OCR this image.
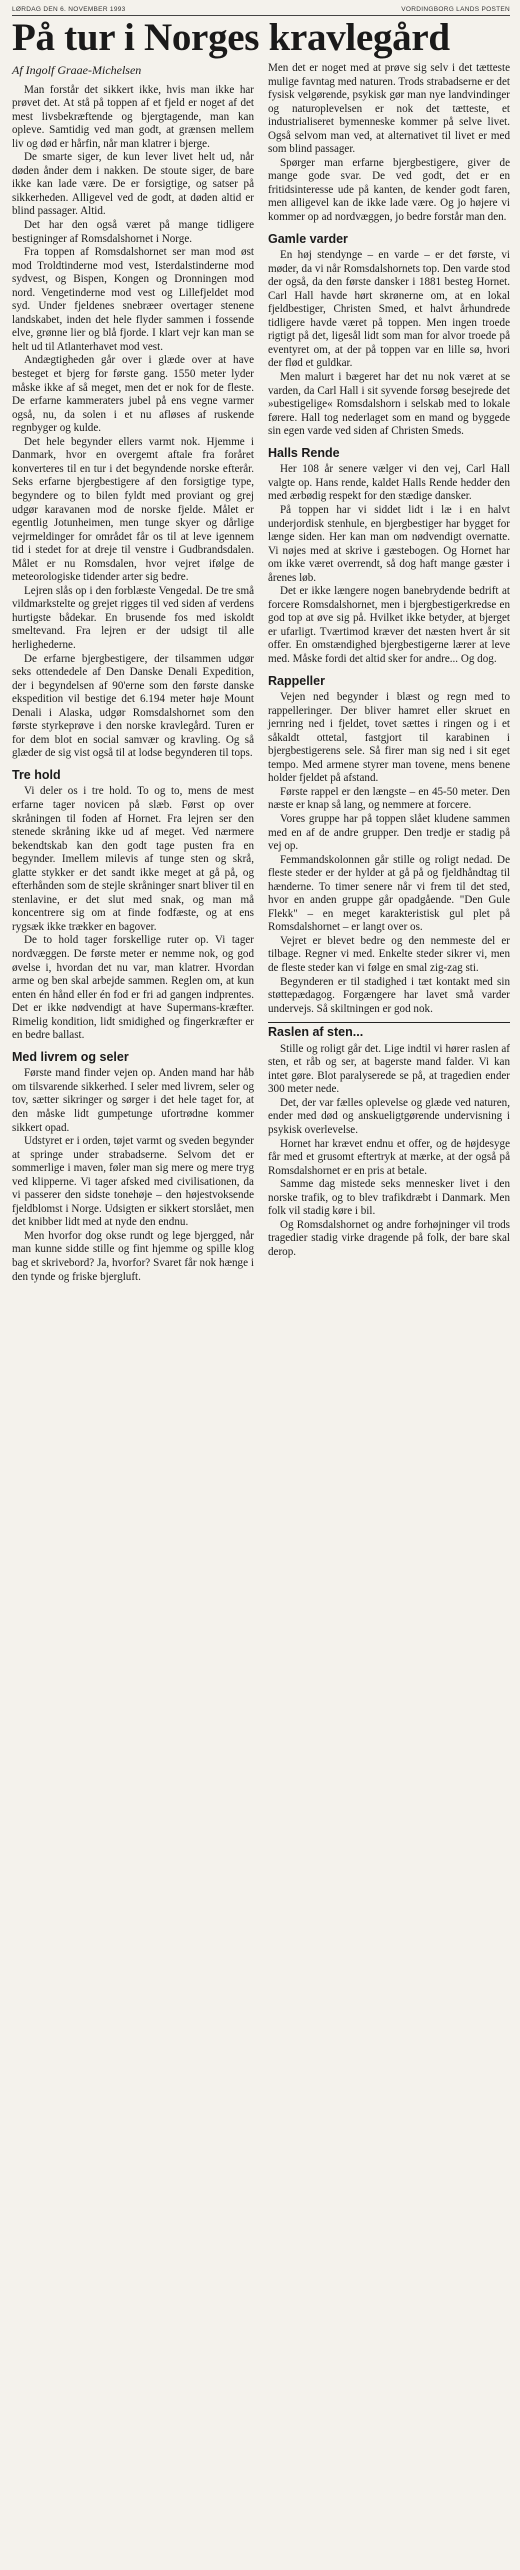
LØRDAG DEN 6. NOVEMBER 1993	VORDINGBORG LANDS POSTEN
På tur i Norges kravlegård
Af Ingolf Graae-Michelsen

Man forstår det sikkert ikke, hvis man ikke har prøvet det. At stå på toppen af et fjeld er noget af det mest livsbekræftende og bjergtagende, man kan opleve. Samtidig ved man godt, at grænsen mellem liv og død er hårfin, når man klatrer i bjerge.

De smarte siger, de kun lever livet helt ud, når døden ånder dem i nakken. De stoute siger, de bare ikke kan lade være. De er forsigtige, og satser på sikkerheden. Alligevel ved de godt, at døden altid er blind passager. Altid.

Det har den også været på mange tidligere bestigninger af Romsdalshornet i Norge.

Fra toppen af Romsdalshornet ser man mod øst mod Troldtinderne mod vest, Isterdalstinderne mod sydvest, og Bispen, Kongen og Dronningen mod nord. Vengetinderne mod vest og Lillefjeldet mod syd. Under fjeldenes snebræer overtager stenene landskabet, inden det hele flyder sammen i fossende elve, grønne lier og blå fjorde. I klart vejr kan man se helt ud til Atlanterhavet mod vest.

Andægtigheden går over i glæde over at have besteget et bjerg for første gang. 1550 meter lyder måske ikke af så meget, men det er nok for de fleste. De erfarne kammeraters jubel på ens vegne varmer også, nu, da solen i et nu afløses af ruskende regnbyger og kulde.

Det hele begynder ellers varmt nok. Hjemme i Danmark, hvor en overgemt aftale fra foråret konverteres til en tur i det begyndende norske efterår. Seks erfarne bjergbestigere af den forsigtige type, begyndere og to bilen fyldt med proviant og grej udgør karavanen mod de norske fjelde. Målet er egentlig Jotunheimen, men tunge skyer og dårlige vejrmeldinger for området får os til at leve igennem tid i stedet for at dreje til venstre i Gudbrandsdalen. Målet er nu Romsdalen, hvor vejret ifølge de meteorologiske tidender arter sig bedre.

Lejren slås op i den forblæste Vengedal. De tre små vildmarkstelte og grejet rigges til ved siden af verdens hurtigste bådekar. En brusende fos med iskoldt smeltevand. Fra lejren er der udsigt til alle herlighederne.

De erfarne bjergbestigere, der tilsammen udgør seks ottendedele af Den Danske Denali Expedition, der i begyndelsen af 90'erne som den første danske ekspedition vil bestige det 6.194 meter høje Mount Denali i Alaska, udgør Romsdalshornet som den første styrkeprøve i den norske kravlegård. Turen er for dem blot en social samvær og kravling. Og så glæder de sig vist også til at lodse begynderen til tops.

Tre hold

Vi deler os i tre hold. To og to, mens de mest erfarne tager novicen på slæb. Først op over skråningen til foden af Hornet. Fra lejren ser den stenede skråning ikke ud af meget. Ved nærmere bekendtskab kan den godt tage pusten fra en begynder. Imellem milevis af tunge sten og skrå, glatte stykker er det sandt ikke meget at gå på, og efterhånden som de stejle skråninger snart bliver til en stenlavine, er det slut med snak, og man må koncentrere sig om at finde fodfæste, og at ens rygsæk ikke trækker en bagover.

De to hold tager forskellige ruter op. Vi tager nordvæggen. De første meter er nemme nok, og god øvelse i, hvordan det nu var, man klatrer. Hvordan arme og ben skal arbejde sammen. Reglen om, at kun enten én hånd eller én fod er fri ad gangen indprentes. Det er ikke nødvendigt at have Supermans-kræfter. Rimelig kondition, lidt smidighed og fingerkræfter er en bedre ballast.

Med livrem og seler

Første mand finder vejen op. Anden mand har håb om tilsvarende sikkerhed. I seler med livrem, seler og tov, sætter sikringer og sørger i det hele taget for, at den måske lidt gumpetunge ufortrødne kommer sikkert opad.

Udstyret er i orden, tøjet varmt og sveden begynder at springe under strabadserne. Selvom det er sommerlige i maven, føler man sig mere og mere tryg ved klipperne. Vi tager afsked med civilisationen, da vi passerer den sidste tonehøje – den højestvoksende fjeldblomst i Norge. Udsigten er sikkert storslået, men det knibber lidt med at nyde den endnu.

Men hvorfor dog okse rundt og lege bjergged, når man kunne sidde stille og fint hjemme og spille klog bag et skrivebord? Ja, hvorfor? Svaret får nok hænge i den tynde og friske bjergluft.

Men det er noget med at prøve sig selv i det tætteste mulige favntag med naturen. Trods strabadserne er det fysisk velgørende, psykisk gør man nye landvindinger og naturoplevelsen er nok det tætteste, et industrialiseret bymenneske kommer på selve livet. Også selvom man ved, at alternativet til livet er med som blind passager.

Spørger man erfarne bjergbestigere, giver de mange gode svar. De ved godt, det er en fritidsinteresse ude på kanten, de kender godt faren, men alligevel kan de ikke lade være. Og jo højere vi kommer op ad nordvæggen, jo bedre forstår man den.

Gamle varder

En høj stendynge – en varde – er det første, vi møder, da vi når Romsdalshornets top. Den varde stod der også, da den første dansker i 1881 besteg Hornet. Carl Hall havde hørt skrønerne om, at en lokal fjeldbestiger, Christen Smed, et halvt århundrede tidligere havde været på toppen. Men ingen troede rigtigt på det, ligesål lidt som man for alvor troede på eventyret om, at der på toppen var en lille sø, hvori der flød et guldkar.

Men malurt i bægeret har det nu nok været at se varden, da Carl Hall i sit syvende forsøg besejrede det »ubestigelige« Romsdalshorn i selskab med to lokale førere. Hall tog nederlaget som en mand og byggede sin egen varde ved siden af Christen Smeds.

Halls Rende

Her 108 år senere vælger vi den vej, Carl Hall valgte op. Hans rende, kaldet Halls Rende hedder den med ærbødig respekt for den stædige dansker.

På toppen har vi siddet lidt i læ i en halvt underjordisk stenhule, en bjergbestiger har bygget for længe siden. Her kan man om nødvendigt overnatte. Vi nøjes med at skrive i gæstebogen. Og Hornet har om ikke været overrendt, så dog haft mange gæster i årenes løb.

Det er ikke længere nogen banebrydende bedrift at forcere Romsdalshornet, men i bjergbestigerkredse en god top at øve sig på. Hvilket ikke betyder, at bjerget er ufarligt. Tværtimod kræver det næsten hvert år sit offer. En omstændighed bjergbestigerne lærer at leve med. Måske fordi det altid sker for andre... Og dog.

Rappeller

Vejen ned begynder i blæst og regn med to rappelleringer. Der bliver hamret eller skruet en jernring ned i fjeldet, tovet sættes i ringen og i et såkaldt ottetal, fastgjort til karabinen i bjergbestigerens sele. Så firer man sig ned i sit eget tempo. Med armene styrer man tovene, mens benene holder fjeldet på afstand.

Første rappel er den længste – en 45-50 meter. Den næste er knap så lang, og nemmere at forcere.

Vores gruppe har på toppen slået kludene sammen med en af de andre grupper. Den tredje er stadig på vej op.

Femmandskolonnen går stille og roligt nedad. De fleste steder er der hylder at gå på og fjeldhåndtag til hænderne. To timer senere når vi frem til det sted, hvor en anden gruppe går opadgående. "Den Gule Flekk" – en meget karakteristisk gul plet på Romsdalshornet – er langt over os.

Vejret er blevet bedre og den nemmeste del er tilbage. Regner vi med. Enkelte steder sikrer vi, men de fleste steder kan vi følge en smal zig-zag sti.

Begynderen er til stadighed i tæt kontakt med sin støttepædagog. Forgængere har lavet små varder undervejs. Så skiltningen er god nok.

Raslen af sten...

Stille og roligt går det. Lige indtil vi hører raslen af sten, et råb og ser, at bagerste mand falder. Vi kan intet gøre. Blot paralyserede se på, at tragedien ender 300 meter nede.

Det, der var fælles oplevelse og glæde ved naturen, ender med død og anskueligtgørende undervisning i psykisk overlevelse.

Hornet har krævet endnu et offer, og de højdesyge får med et grusomt eftertryk at mærke, at der også på Romsdalshornet er en pris at betale.

Samme dag mistede seks mennesker livet i den norske trafik, og to blev trafikdræbt i Danmark. Men folk vil stadig køre i bil.

Og Romsdalshornet og andre forhøjninger vil trods tragedier stadig virke dragende på folk, der bare skal derop.
